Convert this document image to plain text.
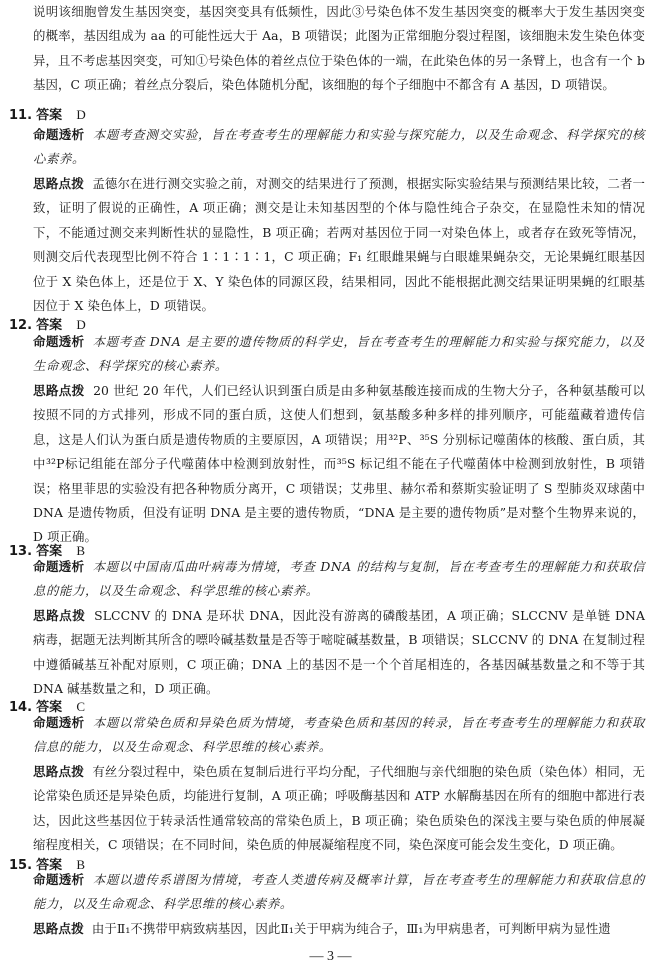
说明该细胞曾发生基因突变，基因突变具有低频性，因此③号染色体不发生基因突变的概率大于发生基因突变的概率，基因组成为 aa 的可能性远大于 Aa，B 项错误；此图为正常细胞分裂过程图，该细胞未发生染色体变异，且不考虑基因突变，可知①号染色体的着丝点位于染色体的一端，在此染色体的另一条臂上，也含有一个 b 基因，C 项正确；着丝点分裂后，染色体随机分配，该细胞的每个子细胞中不都含有 A 基因，D 项错误。
11. 答案 D
命题透析 本题考查测交实验，旨在考查考生的理解能力和实验与探究能力，以及生命观念、科学探究的核心素养。
思路点拨 孟德尔在进行测交实验之前，对测交的结果进行了预测，根据实际实验结果与预测结果比较，二者一致，证明了假说的正确性，A 项正确；测交是让未知基因型的个体与隐性纯合子杂交，在显隐性未知的情况下，不能通过测交来判断性状的显隐性，B 项正确；若两对基因位于同一对染色体上，或者存在致死等情况，则测交后代表现型比例不符合 1∶1∶1∶1，C 项正确；F₁ 红眼雌果蝇与白眼雄果蝇杂交，无论果蝇红眼基因位于 X 染色体上，还是位于 X、Y 染色体的同源区段，结果相同，因此不能根据此测交结果证明果蝇的红眼基因位于 X 染色体上，D 项错误。
12. 答案 D
命题透析 本题考查 DNA 是主要的遗传物质的科学史，旨在考查考生的理解能力和实验与探究能力，以及生命观念、科学探究的核心素养。
思路点拨 20 世纪 20 年代，人们已经认识到蛋白质是由多种氨基酸连接而成的生物大分子，各种氨基酸可以按照不同的方式排列，形成不同的蛋白质，这使人们想到，氨基酸多种多样的排列顺序，可能蕴藏着遗传信息，这是人们认为蛋白质是遗传物质的主要原因，A 项错误；用³²P、³⁵S 分别标记噬菌体的核酸、蛋白质，其中³²P标记组能在部分子代噬菌体中检测到放射性，而³⁵S 标记组不能在子代噬菌体中检测到放射性，B 项错误；格里菲思的实验没有把各种物质分离开，C 项错误；艾弗里、赫尔希和蔡斯实验证明了 S 型肺炎双球菌中 DNA 是遗传物质，但没有证明 DNA 是主要的遗传物质，“DNA 是主要的遗传物质”是对整个生物界来说的，D 项正确。
13. 答案 B
命题透析 本题以中国南瓜曲叶病毒为情境，考查 DNA 的结构与复制，旨在考查考生的理解能力和获取信息的能力，以及生命观念、科学思维的核心素养。
思路点拨 SLCCNV 的 DNA 是环状 DNA，因此没有游离的磷酸基团，A 项正确；SLCCNV 是单链 DNA 病毒，据题无法判断其所含的嘌呤碱基数量是否等于嘧啶碱基数量，B 项错误；SLCCNV 的 DNA 在复制过程中遵循碱基互补配对原则，C 项正确；DNA 上的基因不是一个个首尾相连的，各基因碱基数量之和不等于其 DNA 碱基数量之和，D 项正确。
14. 答案 C
命题透析 本题以常染色质和异染色质为情境，考查染色质和基因的转录，旨在考查考生的理解能力和获取信息的能力，以及生命观念、科学思维的核心素养。
思路点拨 有丝分裂过程中，染色质在复制后进行平均分配，子代细胞与亲代细胞的染色质（染色体）相同，无论常染色质还是异染色质，均能进行复制，A 项正确；呼吸酶基因和 ATP 水解酶基因在所有的细胞中都进行表达，因此这些基因位于转录活性通常较高的常染色质上，B 项正确；染色质染色的深浅主要与染色质的伸展凝缩程度相关，C 项错误；在不同时间，染色质的伸展凝缩程度不同，染色深度可能会发生变化，D 项正确。
15. 答案 B
命题透析 本题以遗传系谱图为情境，考查人类遗传病及概率计算，旨在考查考生的理解能力和获取信息的能力，以及生命观念、科学思维的核心素养。
思路点拨 由于Ⅱ₁不携带甲病致病基因，因此Ⅱ₁关于甲病为纯合子，Ⅲ₁为甲病患者，可判断甲病为显性遗
— 3 —
